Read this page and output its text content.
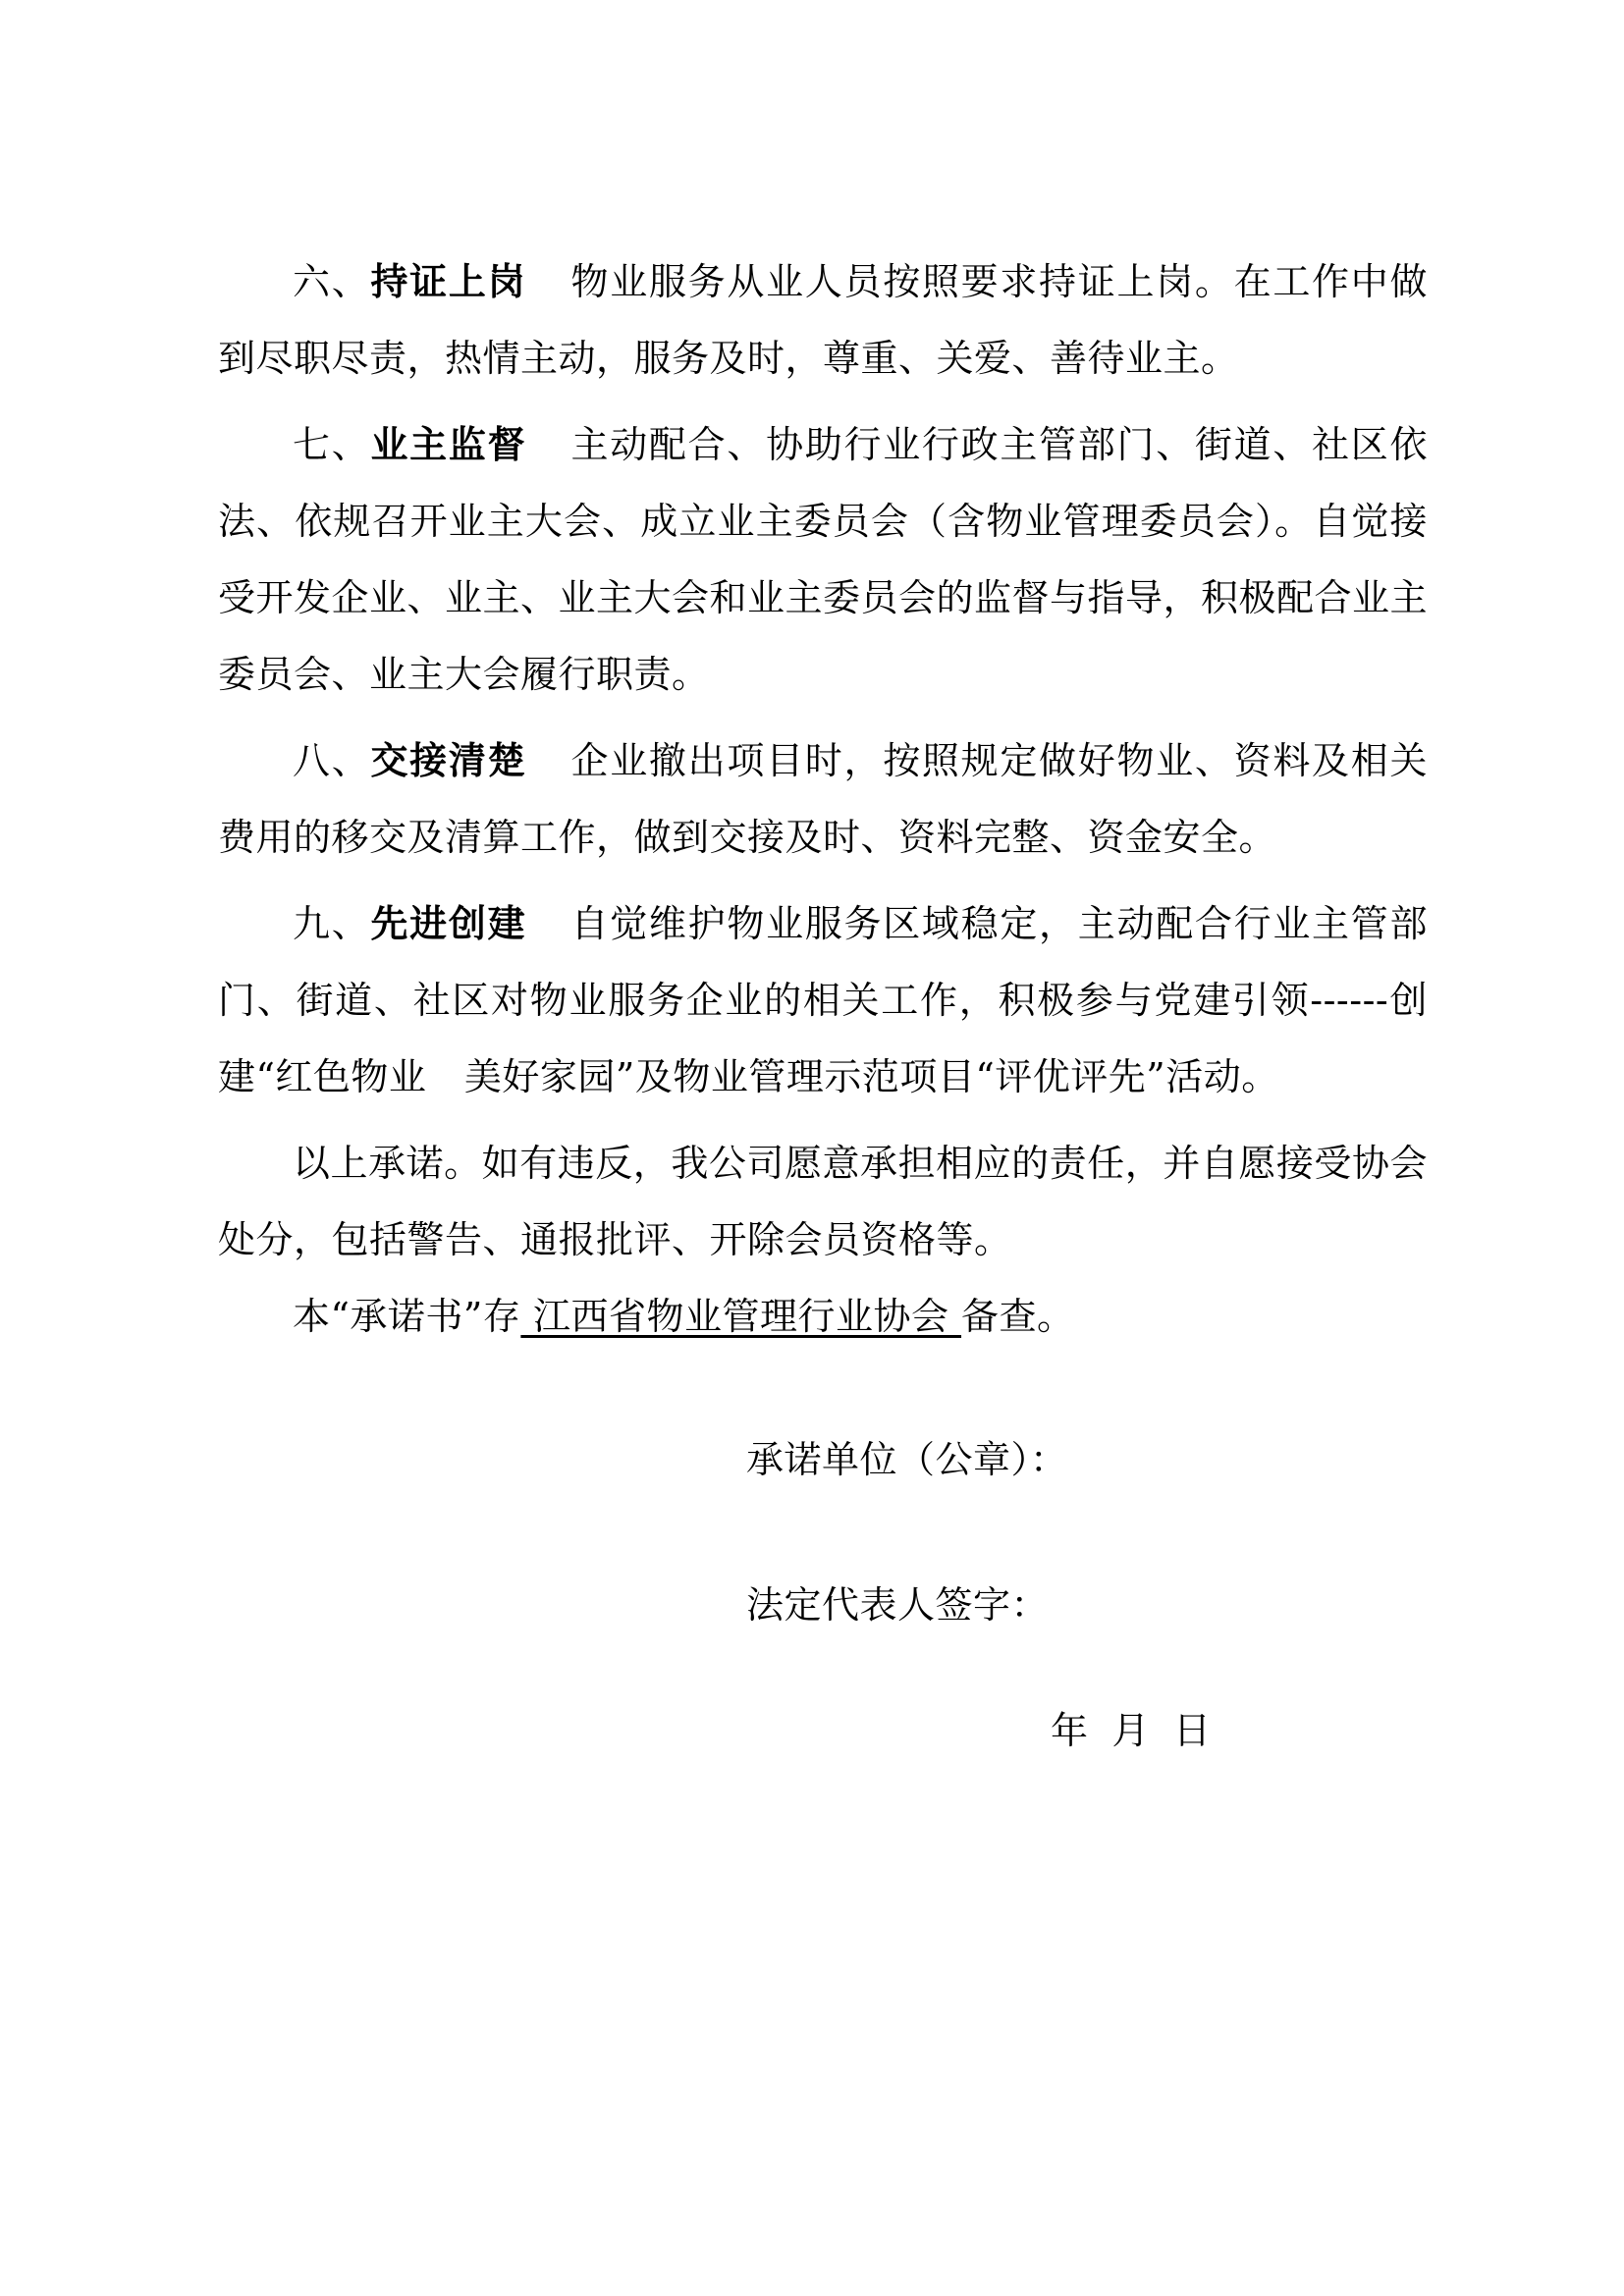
六、持证上岗 物业服务从业人员按照要求持证上岗。在工作中做到尽职尽责，热情主动，服务及时，尊重、关爱、善待业主。

七、业主监督 主动配合、协助行业行政主管部门、街道、社区依法、依规召开业主大会、成立业主委员会（含物业管理委员会）。自觉接受开发企业、业主、业主大会和业主委员会的监督与指导，积极配合业主委员会、业主大会履行职责。

八、交接清楚 企业撤出项目时，按照规定做好物业、资料及相关费用的移交及清算工作，做到交接及时、资料完整、资金安全。

九、先进创建 自觉维护物业服务区域稳定，主动配合行业主管部门、街道、社区对物业服务企业的相关工作，积极参与党建引领------创建“红色物业　美好家园”及物业管理示范项目“评优评先”活动。

以上承诺。如有违反，我公司愿意承担相应的责任，并自愿接受协会处分，包括警告、通报批评、开除会员资格等。

本“承诺书”存 江西省物业管理行业协会 备查。

承诺单位（公章）：
法定代表人签字：
年 月 日
